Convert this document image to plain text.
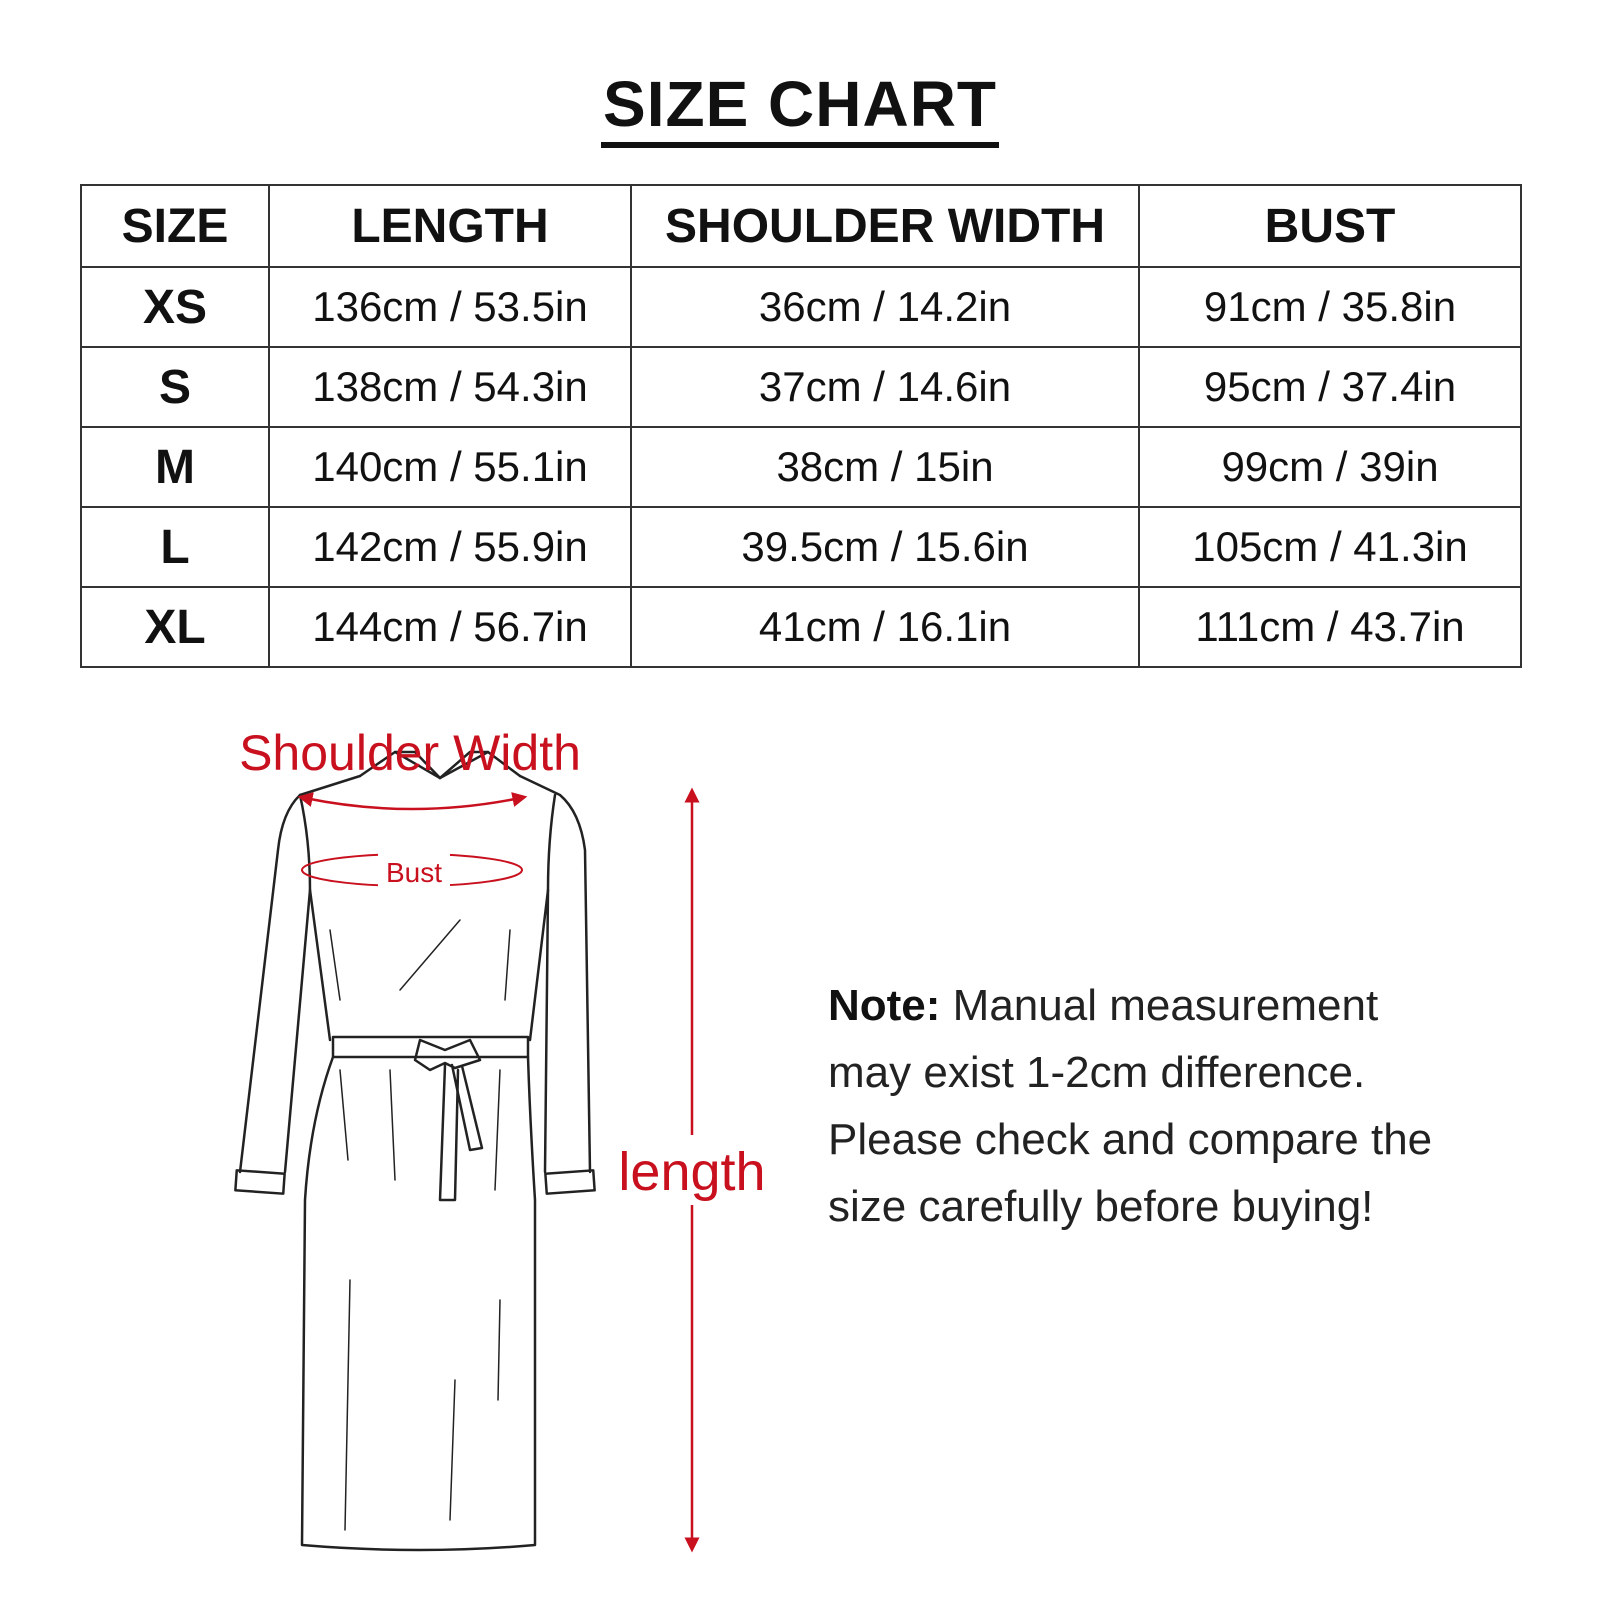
SIZE CHART
SIZE	LENGTH	SHOULDER WIDTH	BUST
XS	136cm / 53.5in	36cm / 14.2in	91cm / 35.8in
S	138cm / 54.3in	37cm / 14.6in	95cm / 37.4in
M	140cm / 55.1in	38cm / 15in	99cm / 39in
L	142cm / 55.9in	39.5cm / 15.6in	105cm / 41.3in
XL	144cm / 56.7in	41cm / 16.1in	111cm / 43.7in
Shoulder Width
Bust
length
Note: Manual measurement may exist 1-2cm difference. Please check and compare the size carefully before buying!
